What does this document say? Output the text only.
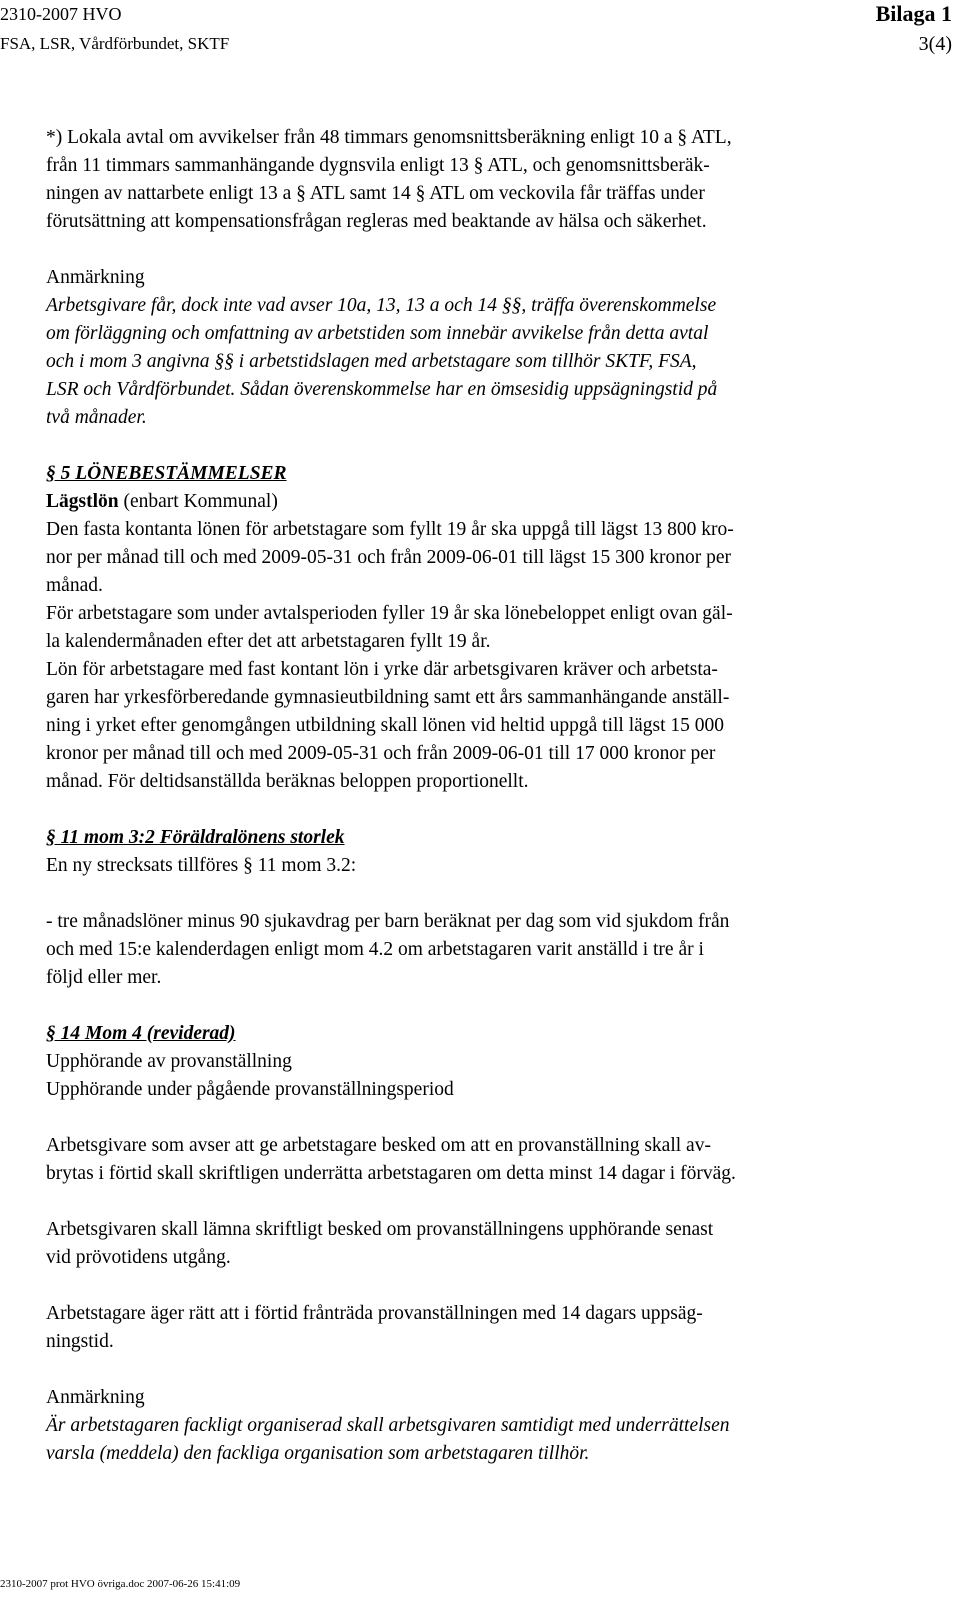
2310-2007 HVO
FSA, LSR, Vårdförbundet, SKTF
Bilaga 1
3(4)

*) Lokala avtal om avvikelser från 48 timmars genomsnittsberäkning enligt 10 a § ATL,

från 11 timmars sammanhängande dygnsvila enligt 13 § ATL, och genomsnittsberäk-

ningen av nattarbete enligt 13 a § ATL samt 14 § ATL om veckovila får träffas under

förutsättning att kompensationsfrågan regleras med beaktande av hälsa och säkerhet.

Anmärkning

Arbetsgivare får, dock inte vad avser 10a, 13, 13 a och 14 §§, träffa överenskommelse

om förläggning och omfattning av arbetstiden som innebär avvikelse från detta avtal

och i mom 3 angivna §§ i arbetstidslagen med arbetstagare som tillhör SKTF, FSA,

LSR och Vårdförbundet. Sådan överenskommelse har en ömsesidig uppsägningstid på

två månader.

§ 5 LÖNEBESTÄMMELSER

Lägstlön (enbart Kommunal)

Den fasta kontanta lönen för arbetstagare som fyllt 19 år ska uppgå till lägst 13 800 kro-

nor per månad till och med 2009-05-31 och från 2009-06-01 till lägst 15 300 kronor per

månad.

För arbetstagare som under avtalsperioden fyller 19 år ska lönebeloppet enligt ovan gäl-

la kalendermånaden efter det att arbetstagaren fyllt 19 år.

Lön för arbetstagare med fast kontant lön i yrke där arbetsgivaren kräver och arbetsta-

garen har yrkesförberedande gymnasieutbildning samt ett års sammanhängande anställ-

ning i yrket efter genomgången utbildning skall lönen vid heltid uppgå till lägst 15 000

kronor per månad till och med 2009-05-31 och från 2009-06-01 till 17 000 kronor per

månad. För deltidsanställda beräknas beloppen proportionellt.

§ 11 mom 3:2 Föräldralönens storlek

En ny strecksats tillföres § 11 mom 3.2:

- tre månadslöner minus 90 sjukavdrag per barn beräknat per dag som vid sjukdom från

och med 15:e kalenderdagen enligt mom 4.2 om arbetstagaren varit anställd i tre år i

följd eller mer.

§ 14 Mom 4 (reviderad)

Upphörande av provanställning

Upphörande under pågående provanställningsperiod

Arbetsgivare som avser att ge arbetstagare besked om att en provanställning skall av-

brytas i förtid skall skriftligen underrätta arbetstagaren om detta minst 14 dagar i förväg.

Arbetsgivaren skall lämna skriftligt besked om provanställningens upphörande senast

vid prövotidens utgång.

Arbetstagare äger rätt att i förtid frånträda provanställningen med 14 dagars uppsäg-

ningstid.

Anmärkning

Är arbetstagaren fackligt organiserad skall arbetsgivaren samtidigt med underrättelsen

varsla (meddela) den fackliga organisation som arbetstagaren tillhör.

2310-2007 prot HVO övriga.doc 2007-06-26 15:41:09
